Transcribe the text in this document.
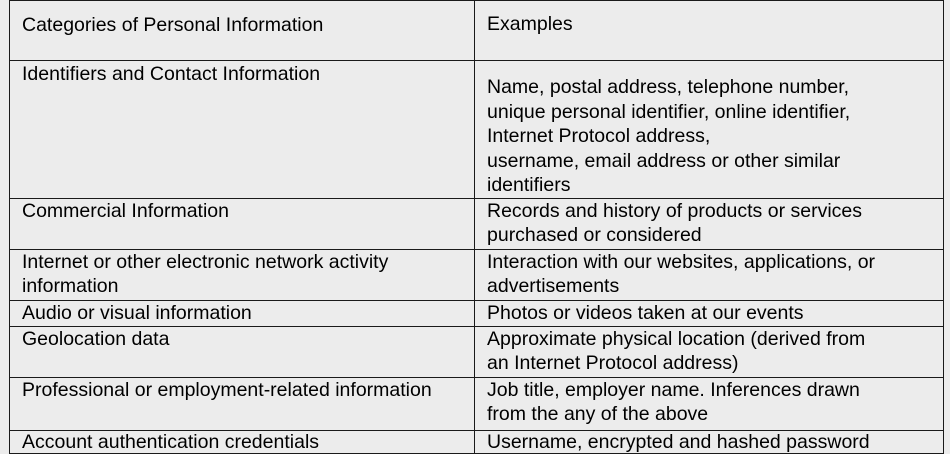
Categories of Personal Information	Examples
Identifiers and Contact Information	Name, postal address, telephone number,
unique personal identifier, online identifier,
Internet Protocol address,
username, email address or other similar
identifiers

Commercial Information	Records and history of products or services
purchased or considered

Internet or other electronic network activity information	Interaction with our websites, applications, or
advertisements

Audio or visual information	Photos or videos taken at our events

Geolocation data	Approximate physical location (derived from
an Internet Protocol address)

Professional or employment-related information	Job title, employer name. Inferences drawn
from the any of the above

Account authentication credentials	Username, encrypted and hashed password
